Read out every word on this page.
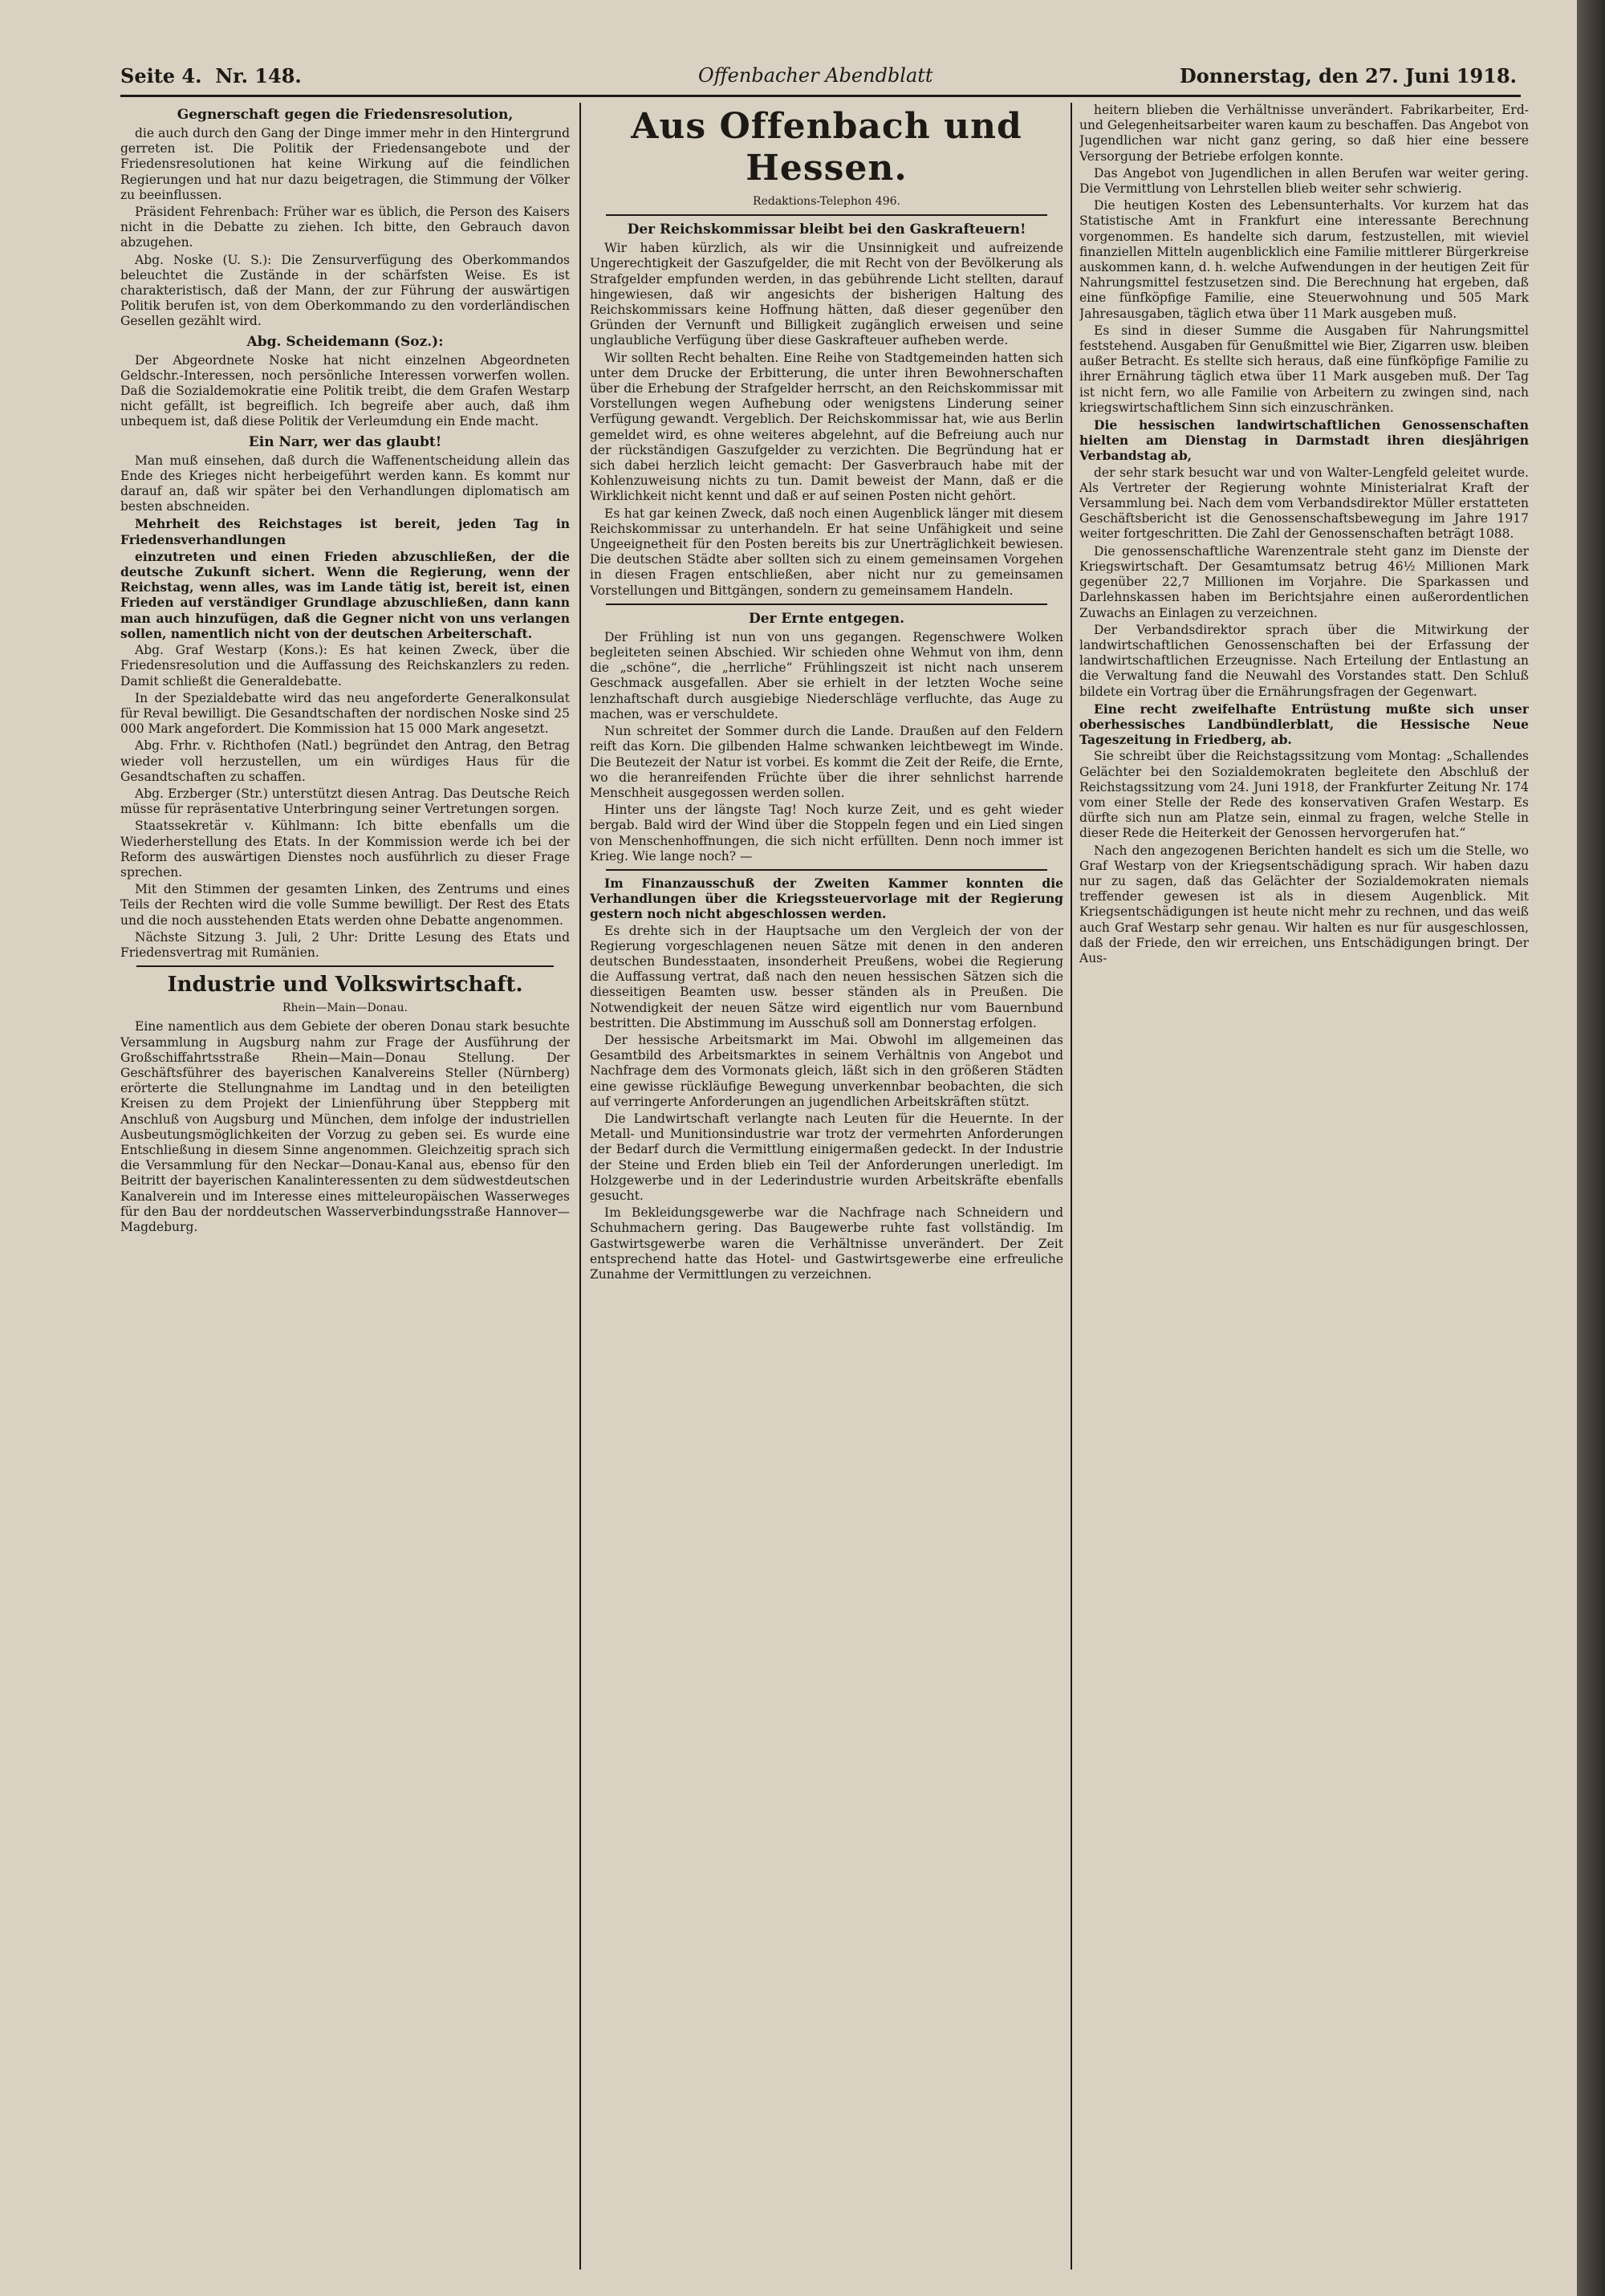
Seite 4. Nr. 148.	Offenbacher Abendblatt	Donnerstag, den 27. Juni 1918.
Gegnerschaft gegen die Friedensresolution,

die auch durch den Gang der Dinge immer mehr in den Hintergrund gerreten ist. Die Politik der Friedensangebote und der Friedensresolutionen hat keine Wirkung auf die feindlichen Regierungen und hat nur dazu beigetragen, die Stimmung der Völker zu beeinflussen.

Präsident Fehrenbach: Früher war es üblich, die Person des Kaisers nicht in die Debatte zu ziehen. Ich bitte, den Gebrauch davon abzugehen.

Abg. Noske (U. S.): Die Zensurverfügung des Oberkommandos beleuchtet die Zustände in der schärfsten Weise. Es ist charakteristisch, daß der Mann, der zur Führung der auswärtigen Politik berufen ist, von dem Oberkommando zu den vorderländischen Gesellen gezählt wird.

Abg. Scheidemann (Soz.):

Der Abgeordnete Noske hat nicht einzelnen Abgeordneten Geldschr.-Interessen, noch persönliche Interessen vorwerfen wollen. Daß die Sozialdemokratie eine Politik treibt, die dem Grafen Westarp nicht gefällt, ist begreiflich. Ich begreife aber auch, daß ihm unbequem ist, daß diese Politik der Verleumdung ein Ende macht.

Ein Narr, wer das glaubt!

Man muß einsehen, daß durch die Waffenentscheidung allein das Ende des Krieges nicht herbeigeführt werden kann. Es kommt nur darauf an, daß wir später bei den Verhandlungen diplomatisch am besten abschneiden.

Mehrheit des Reichstages ist bereit, jeden Tag in Friedensverhandlungen

einzutreten und einen Frieden abzuschließen, der die deutsche Zukunft sichert. Wenn die Regierung, wenn der Reichstag, wenn alles, was im Lande tätig ist, bereit ist, einen Frieden auf verständiger Grundlage abzuschließen, dann kann man auch hinzufügen, daß die Gegner nicht von uns verlangen sollen, namentlich nicht von der deutschen Arbeiterschaft.

Abg. Graf Westarp (Kons.): Es hat keinen Zweck, über die Friedensresolution und die Auffassung des Reichskanzlers zu reden. Damit schließt die Generaldebatte.

In der Spezialdebatte wird das neu angeforderte Generalkonsulat für Reval bewilligt. Die Gesandtschaften der nordischen Noske sind 25 000 Mark angefordert. Die Kommission hat 15 000 Mark angesetzt.

Abg. Frhr. v. Richthofen (Natl.) begründet den Antrag, den Betrag wieder voll herzustellen, um ein würdiges Haus für die Gesandtschaften zu schaffen.

Abg. Erzberger (Str.) unterstützt diesen Antrag. Das Deutsche Reich müsse für repräsentative Unterbringung seiner Vertretungen sorgen.

Staatssekretär v. Kühlmann: Ich bitte ebenfalls um die Wiederherstellung des Etats. In der Kommission werde ich bei der Reform des auswärtigen Dienstes noch ausführlich zu dieser Frage sprechen.

Mit den Stimmen der gesamten Linken, des Zentrums und eines Teils der Rechten wird die volle Summe bewilligt. Der Rest des Etats und die noch ausstehenden Etats werden ohne Debatte angenommen.

Nächste Sitzung 3. Juli, 2 Uhr: Dritte Lesung des Etats und Friedensvertrag mit Rumänien.

Industrie und Volkswirtschaft.
Rhein—Main—Donau.

Eine namentlich aus dem Gebiete der oberen Donau stark besuchte Versammlung in Augsburg nahm zur Frage der Ausführung der Großschiffahrtsstraße Rhein—Main—Donau Stellung. Der Geschäftsführer des bayerischen Kanalvereins Steller (Nürnberg) erörterte die Stellungnahme im Landtag und in den beteiligten Kreisen zu dem Projekt der Linienführung über Steppberg mit Anschluß von Augsburg und München, dem infolge der industriellen Ausbeutungsmöglichkeiten der Vorzug zu geben sei. Es wurde eine Entschließung in diesem Sinne angenommen. Gleichzeitig sprach sich die Versammlung für den Neckar—Donau-Kanal aus, ebenso für den Beitritt der bayerischen Kanalinteressenten zu dem südwestdeutschen Kanalverein und im Interesse eines mitteleuropäischen Wasserweges für den Bau der norddeutschen Wasserverbindungsstraße Hannover—Magdeburg.

Aus Offenbach und Hessen.
Redaktions-Telephon 496.
Der Reichskommissar bleibt bei den Gaskrafteuern!

Wir haben kürzlich, als wir die Unsinnigkeit und aufreizende Ungerechtigkeit der Gaszufgelder, die mit Recht von der Bevölkerung als Strafgelder empfunden werden, in das gebührende Licht stellten, darauf hingewiesen, daß wir angesichts der bisherigen Haltung des Reichskommissars keine Hoffnung hätten, daß dieser gegenüber den Gründen der Vernunft und Billigkeit zugänglich erweisen und seine unglaubliche Verfügung über diese Gaskrafteuer aufheben werde.

Wir sollten Recht behalten. Eine Reihe von Stadtgemeinden hatten sich unter dem Drucke der Erbitterung, die unter ihren Bewohnerschaften über die Erhebung der Strafgelder herrscht, an den Reichskommissar mit Vorstellungen wegen Aufhebung oder wenigstens Linderung seiner Verfügung gewandt. Vergeblich. Der Reichskommissar hat, wie aus Berlin gemeldet wird, es ohne weiteres abgelehnt, auf die Befreiung auch nur der rückständigen Gaszufgelder zu verzichten. Die Begründung hat er sich dabei herzlich leicht gemacht: Der Gasverbrauch habe mit der Kohlenzuweisung nichts zu tun. Damit beweist der Mann, daß er die Wirklichkeit nicht kennt und daß er auf seinen Posten nicht gehört.

Es hat gar keinen Zweck, daß noch einen Augenblick länger mit diesem Reichskommissar zu unterhandeln. Er hat seine Unfähigkeit und seine Ungeeignetheit für den Posten bereits bis zur Unerträglichkeit bewiesen. Die deutschen Städte aber sollten sich zu einem gemeinsamen Vorgehen in diesen Fragen entschließen, aber nicht nur zu gemeinsamen Vorstellungen und Bittgängen, sondern zu gemeinsamem Handeln.

Der Ernte entgegen.

Der Frühling ist nun von uns gegangen. Regenschwere Wolken begleiteten seinen Abschied. Wir schieden ohne Wehmut von ihm, denn die „schöne“, die „herrliche“ Frühlingszeit ist nicht nach unserem Geschmack ausgefallen. Aber sie erhielt in der letzten Woche seine lenzhaftschaft durch ausgiebige Niederschläge verfluchte, das Auge zu machen, was er verschuldete.

Nun schreitet der Sommer durch die Lande. Draußen auf den Feldern reift das Korn. Die gilbenden Halme schwanken leichtbewegt im Winde. Die Beutezeit der Natur ist vorbei. Es kommt die Zeit der Reife, die Ernte, wo die heranreifenden Früchte über die ihrer sehnlichst harrende Menschheit ausgegossen werden sollen.

Hinter uns der längste Tag! Noch kurze Zeit, und es geht wieder bergab. Bald wird der Wind über die Stoppeln fegen und ein Lied singen von Menschenhoffnungen, die sich nicht erfüllten. Denn noch immer ist Krieg. Wie lange noch? —

Im Finanzausschuß der Zweiten Kammer konnten die Verhandlungen über die Kriegssteuervorlage mit der Regierung gestern noch nicht abgeschlossen werden.

Es drehte sich in der Hauptsache um den Vergleich der von der Regierung vorgeschlagenen neuen Sätze mit denen in den anderen deutschen Bundesstaaten, insonderheit Preußens, wobei die Regierung die Auffassung vertrat, daß nach den neuen hessischen Sätzen sich die diesseitigen Beamten usw. besser ständen als in Preußen. Die Notwendigkeit der neuen Sätze wird eigentlich nur vom Bauernbund bestritten. Die Abstimmung im Ausschuß soll am Donnerstag erfolgen.

Der hessische Arbeitsmarkt im Mai. Obwohl im allgemeinen das Gesamtbild des Arbeitsmarktes in seinem Verhältnis von Angebot und Nachfrage dem des Vormonats gleich, läßt sich in den größeren Städten eine gewisse rückläufige Bewegung unverkennbar beobachten, die sich auf verringerte Anforderungen an jugendlichen Arbeitskräften stützt.

Die Landwirtschaft verlangte nach Leuten für die Heuernte. In der Metall- und Munitionsindustrie war trotz der vermehrten Anforderungen der Bedarf durch die Vermittlung einigermaßen gedeckt. In der Industrie der Steine und Erden blieb ein Teil der Anforderungen unerledigt. Im Holzgewerbe und in der Lederindustrie wurden Arbeitskräfte ebenfalls gesucht.

Im Bekleidungsgewerbe war die Nachfrage nach Schneidern und Schuhmachern gering. Das Baugewerbe ruhte fast vollständig. Im Gastwirtsgewerbe waren die Verhältnisse unverändert. Der Zeit entsprechend hatte das Hotel- und Gastwirtsgewerbe eine erfreuliche Zunahme der Vermittlungen zu verzeichnen.

heitern blieben die Verhältnisse unverändert. Fabrikarbeiter, Erd- und Gelegenheitsarbeiter waren kaum zu beschaffen. Das Angebot von Jugendlichen war nicht ganz gering, so daß hier eine bessere Versorgung der Betriebe erfolgen konnte.

Das Angebot von Jugendlichen in allen Berufen war weiter gering. Die Vermittlung von Lehrstellen blieb weiter sehr schwierig.

Die heutigen Kosten des Lebensunterhalts. Vor kurzem hat das Statistische Amt in Frankfurt eine interessante Berechnung vorgenommen. Es handelte sich darum, festzustellen, mit wieviel finanziellen Mitteln augenblicklich eine Familie mittlerer Bürgerkreise auskommen kann, d. h. welche Aufwendungen in der heutigen Zeit für Nahrungsmittel festzusetzen sind. Die Berechnung hat ergeben, daß eine fünfköpfige Familie, eine Steuerwohnung und 505 Mark Jahresausgaben, täglich etwa über 11 Mark ausgeben muß.

Es sind in dieser Summe die Ausgaben für Nahrungsmittel feststehend. Ausgaben für Genußmittel wie Bier, Zigarren usw. bleiben außer Betracht. Es stellte sich heraus, daß eine fünfköpfige Familie zu ihrer Ernährung täglich etwa über 11 Mark ausgeben muß. Der Tag ist nicht fern, wo alle Familie von Arbeitern zu zwingen sind, nach kriegswirtschaftlichem Sinn sich einzuschränken.

Die hessischen landwirtschaftlichen Genossenschaften hielten am Dienstag in Darmstadt ihren diesjährigen Verbandstag ab,

der sehr stark besucht war und von Walter-Lengfeld geleitet wurde. Als Vertreter der Regierung wohnte Ministerialrat Kraft der Versammlung bei. Nach dem vom Verbandsdirektor Müller erstatteten Geschäftsbericht ist die Genossenschaftsbewegung im Jahre 1917 weiter fortgeschritten. Die Zahl der Genossenschaften beträgt 1088.

Die genossenschaftliche Warenzentrale steht ganz im Dienste der Kriegswirtschaft. Der Gesamtumsatz betrug 46½ Millionen Mark gegenüber 22,7 Millionen im Vorjahre. Die Sparkassen und Darlehnskassen haben im Berichtsjahre einen außerordentlichen Zuwachs an Einlagen zu verzeichnen.

Der Verbandsdirektor sprach über die Mitwirkung der landwirtschaftlichen Genossenschaften bei der Erfassung der landwirtschaftlichen Erzeugnisse. Nach Erteilung der Entlastung an die Verwaltung fand die Neuwahl des Vorstandes statt. Den Schluß bildete ein Vortrag über die Ernährungsfragen der Gegenwart.

Eine recht zweifelhafte Entrüstung mußte sich unser oberhessisches Landbündlerblatt, die Hessische Neue Tageszeitung in Friedberg, ab.

Sie schreibt über die Reichstagssitzung vom Montag: „Schallendes Gelächter bei den Sozialdemokraten begleitete den Abschluß der Reichstagssitzung vom 24. Juni 1918, der Frankfurter Zeitung Nr. 174 vom einer Stelle der Rede des konservativen Grafen Westarp. Es dürfte sich nun am Platze sein, einmal zu fragen, welche Stelle in dieser Rede die Heiterkeit der Genossen hervorgerufen hat.“

Nach den angezogenen Berichten handelt es sich um die Stelle, wo Graf Westarp von der Kriegsentschädigung sprach. Wir haben dazu nur zu sagen, daß das Gelächter der Sozialdemokraten niemals treffender gewesen ist als in diesem Augenblick. Mit Kriegsentschädigungen ist heute nicht mehr zu rechnen, und das weiß auch Graf Westarp sehr genau. Wir halten es nur für ausgeschlossen, daß der Friede, den wir erreichen, uns Entschädigungen bringt. Der Aus-
